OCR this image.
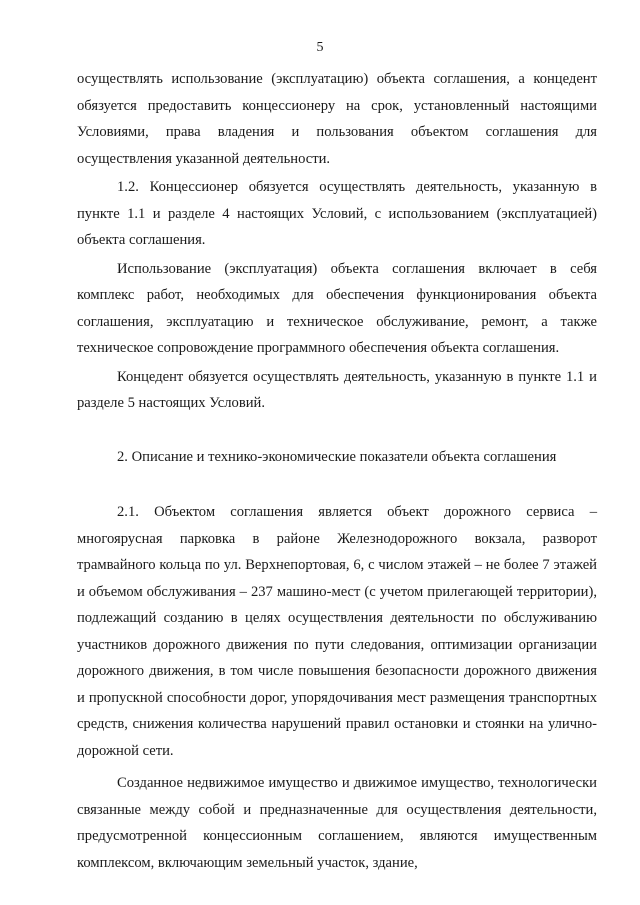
5

осуществлять использование (эксплуатацию) объекта соглашения, а концедент обязуется предоставить концессионеру на срок, установленный настоящими Условиями, права владения и пользования объектом соглашения для осуществления указанной деятельности.

1.2. Концессионер обязуется осуществлять деятельность, указанную в пункте 1.1 и разделе 4 настоящих Условий, с использованием (эксплуатацией) объекта соглашения.

Использование (эксплуатация) объекта соглашения включает в себя комплекс работ, необходимых для обеспечения функционирования объекта соглашения, эксплуатацию и техническое обслуживание, ремонт, а также техническое сопровождение программного обеспечения объекта соглашения.

Концедент обязуется осуществлять деятельность, указанную в пункте 1.1 и разделе 5 настоящих Условий.

2. Описание и технико-экономические показатели объекта соглашения

2.1. Объектом соглашения является объект дорожного сервиса – многоярусная парковка в районе Железнодорожного вокзала, разворот трамвайного кольца по ул. Верхнепортовая, 6, с числом этажей – не более 7 этажей и объемом обслуживания – 237 машино-мест (с учетом прилегающей территории), подлежащий созданию в целях осуществления деятельности по обслуживанию участников дорожного движения по пути следования, оптимизации организации дорожного движения, в том числе повышения безопасности дорожного движения и пропускной способности дорог, упорядочивания мест размещения транспортных средств, снижения количества нарушений правил остановки и стоянки на улично-дорожной сети.

Созданное недвижимое имущество и движимое имущество, технологически связанные между собой и предназначенные для осуществления деятельности, предусмотренной концессионным соглашением, являются имущественным комплексом, включающим земельный участок, здание,
